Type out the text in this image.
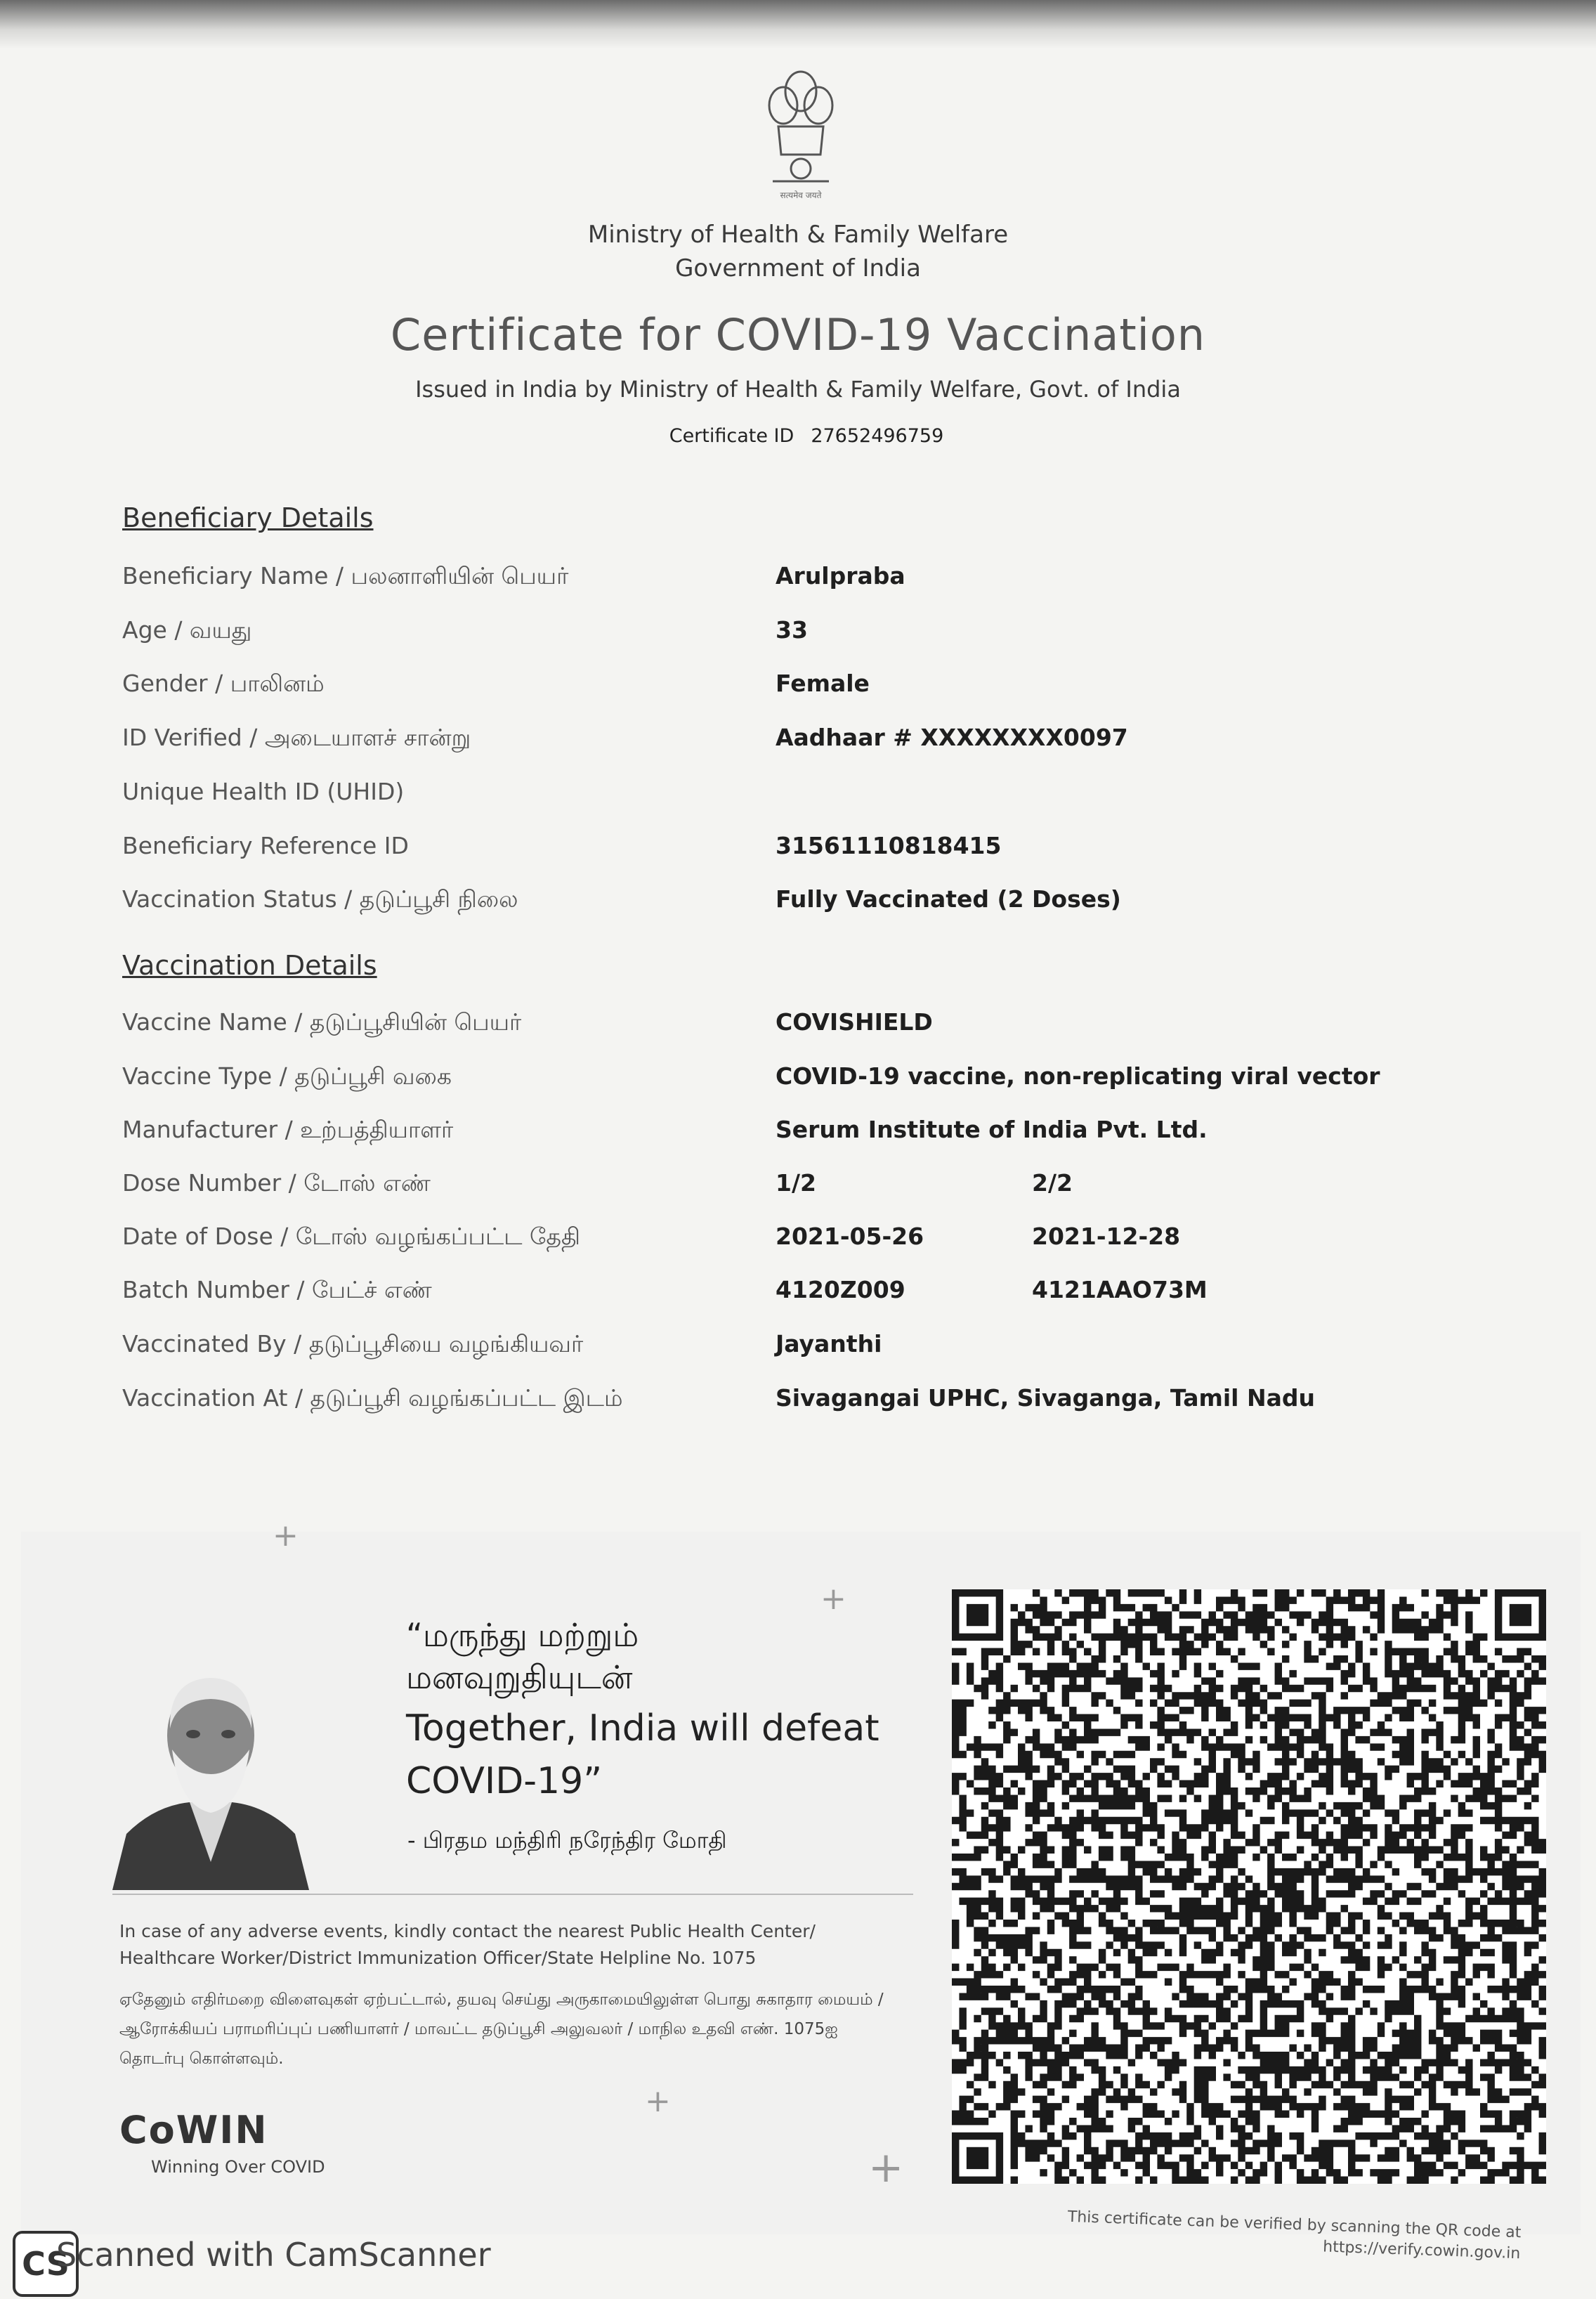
सत्यमेव जयते
Ministry of Health & Family Welfare
Government of India
Certificate for COVID-19 Vaccination
Issued in India by Ministry of Health & Family Welfare, Govt. of India
Certificate ID 27652496759
Beneficiary Details
Beneficiary Name / பலனாளியின் பெயர்	Arulpraba
Age / வயது	33
Gender / பாலினம்	Female
ID Verified / அடையாளச் சான்று	Aadhaar # XXXXXXXX0097
Unique Health ID (UHID)
Beneficiary Reference ID	31561110818415
Vaccination Status / தடுப்பூசி நிலை	Fully Vaccinated (2 Doses)
Vaccination Details
Vaccine Name / தடுப்பூசியின் பெயர்	COVISHIELD
Vaccine Type / தடுப்பூசி வகை	COVID-19 vaccine, non-replicating viral vector
Manufacturer / உற்பத்தியாளர்	Serum Institute of India Pvt. Ltd.
Dose Number / டோஸ் எண்	1/2	2/2
Date of Dose / டோஸ் வழங்கப்பட்ட தேதி	2021-05-26	2021-12-28
Batch Number / பேட்ச் எண்	4120Z009	4121AAO73M
Vaccinated By / தடுப்பூசியை வழங்கியவர்	Jayanthi
Vaccination At / தடுப்பூசி வழங்கப்பட்ட இடம்	Sivagangai UPHC, Sivaganga, Tamil Nadu
+
+
+
+
“மருந்து மற்றும்
மனவுறுதியுடன்
Together, India will defeat
COVID-19”
- பிரதம மந்திரி நரேந்திர மோதி
In case of any adverse events, kindly contact the nearest Public Health Center/ Healthcare Worker/District Immunization Officer/State Helpline No. 1075
ஏதேனும் எதிர்மறை விளைவுகள் ஏற்பட்டால், தயவு செய்து அருகாமையிலுள்ள பொது சுகாதார மையம் / ஆரோக்கியப் பராமரிப்புப் பணியாளர் / மாவட்ட தடுப்பூசி அலுவலர் / மாநில உதவி எண். 1075ஐ தொடர்பு கொள்ளவும்.
CoWIN
Winning Over COVID
This certificate can be verified by scanning the QR code at https://verify.cowin.gov.in
CS
Scanned with CamScanner
